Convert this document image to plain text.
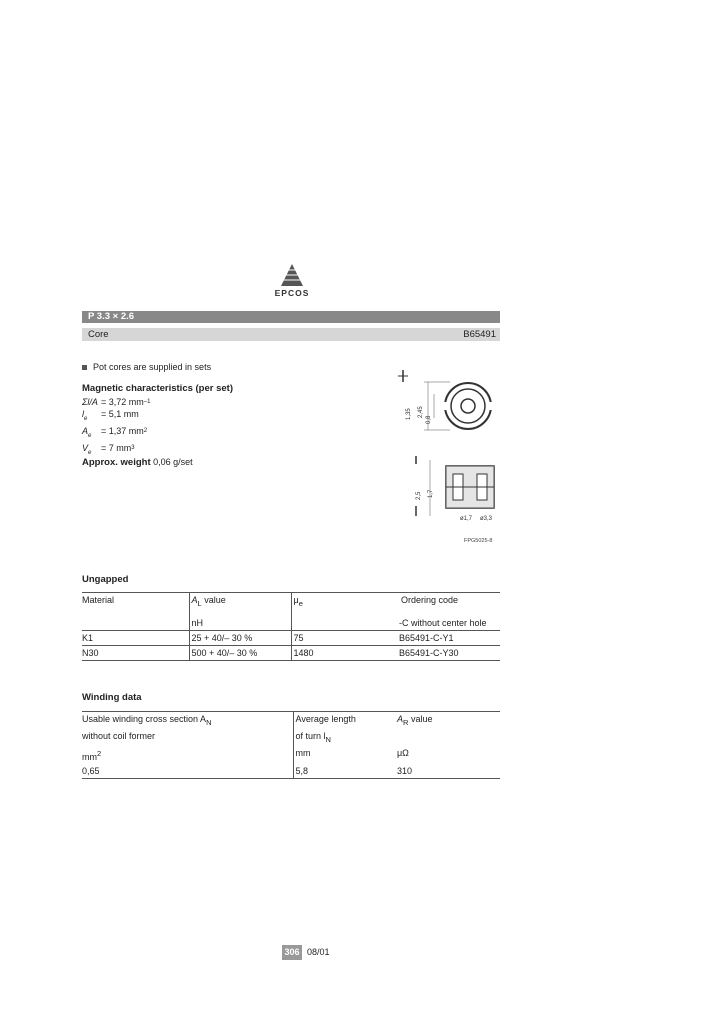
EPCOS
P 3.3 × 2.6
Core	B65491
Pot cores are supplied in sets
Magnetic characteristics (per set)
Σl/A = 3,72 mm –1
$l_e$	= 5,1 mm
$A_e$	= 1,37 mm 2
$V_e$	= 7 mm 3
Approx. weight 0,06 g/set
1,35 2,45
0,8
2,5 1,7
ø1,7 ø3,3
FPG5025-8
Ungapped
Material	$A_L$ value	$\mu_e$	Ordering code
	nH		-C without center hole
K1	25 + 40/– 30 %	75	B65491-C-Y1
N30	500 + 40/– 30 %	1480	B65491-C-Y30
Winding data
Usable winding cross section $A_N$	Average length	$A_R$ value
without coil former	of turn $l_N$	
$mm^2$	mm	μΩ
0,65	5,8	310
306 08/01
